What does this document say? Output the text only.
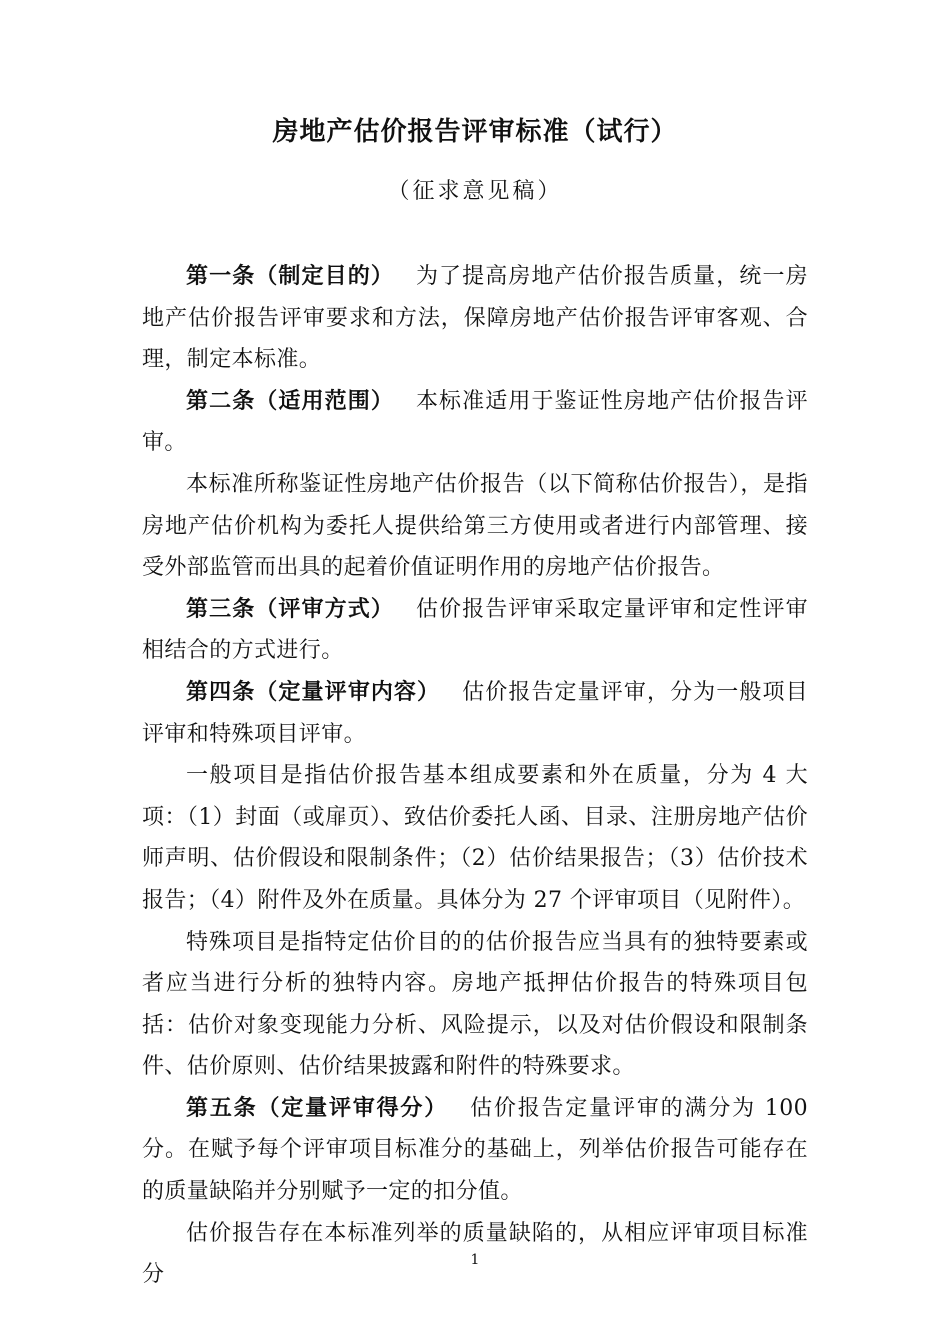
房地产估价报告评审标准（试行）
（征求意见稿）

第一条（制定目的） 为了提高房地产估价报告质量，统一房地产估价报告评审要求和方法，保障房地产估价报告评审客观、合理，制定本标准。

第二条（适用范围） 本标准适用于鉴证性房地产估价报告评审。

本标准所称鉴证性房地产估价报告（以下简称估价报告），是指房地产估价机构为委托人提供给第三方使用或者进行内部管理、接受外部监管而出具的起着价值证明作用的房地产估价报告。

第三条（评审方式） 估价报告评审采取定量评审和定性评审相结合的方式进行。

第四条（定量评审内容） 估价报告定量评审，分为一般项目评审和特殊项目评审。

一般项目是指估价报告基本组成要素和外在质量，分为 4 大项：（1）封面（或扉页）、致估价委托人函、目录、注册房地产估价师声明、估价假设和限制条件；（2）估价结果报告；（3）估价技术报告；（4）附件及外在质量。具体分为 27 个评审项目（见附件）。

特殊项目是指特定估价目的的估价报告应当具有的独特要素或者应当进行分析的独特内容。房地产抵押估价报告的特殊项目包括：估价对象变现能力分析、风险提示，以及对估价假设和限制条件、估价原则、估价结果披露和附件的特殊要求。

第五条（定量评审得分） 估价报告定量评审的满分为 100 分。在赋予每个评审项目标准分的基础上，列举估价报告可能存在的质量缺陷并分别赋予一定的扣分值。

估价报告存在本标准列举的质量缺陷的，从相应评审项目标准分

1
